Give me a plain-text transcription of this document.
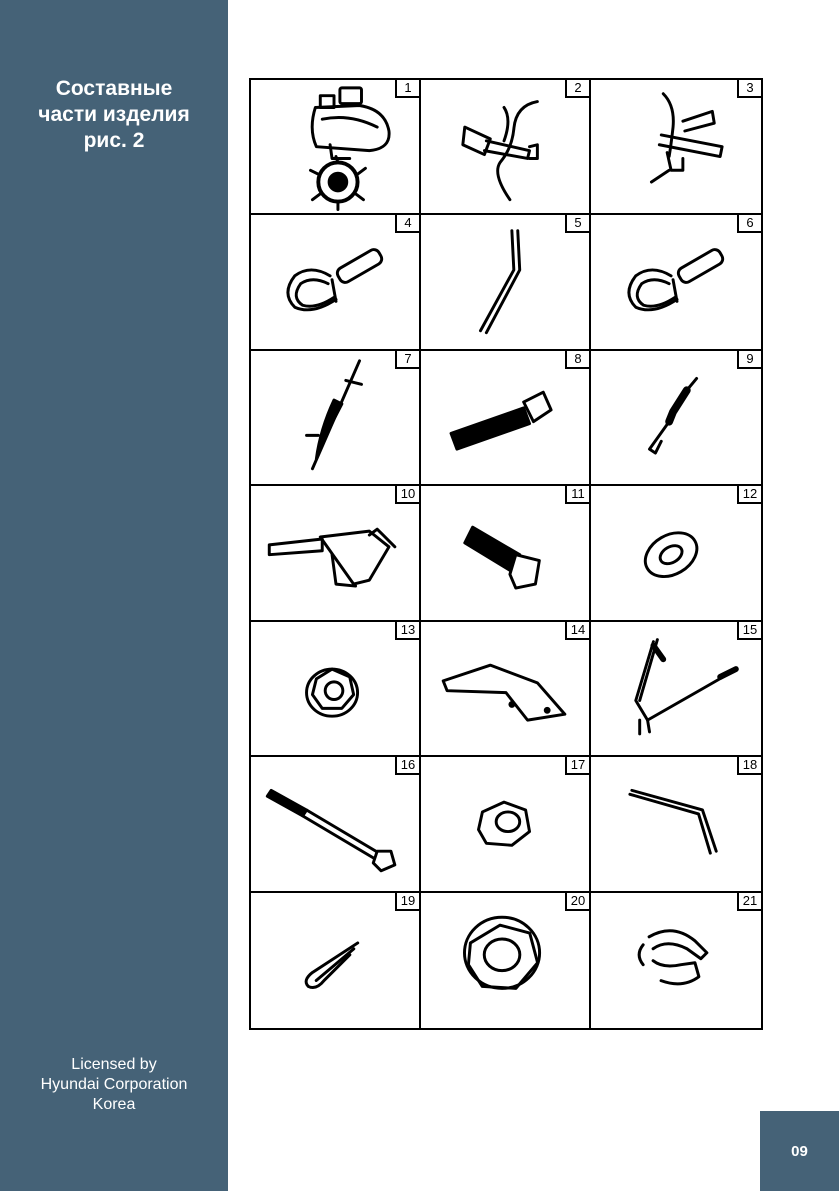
Составные
части изделия
рис. 2
Licensed by
Hyundai Corporation
Korea
09
1	2	3
4	5	6
7	8	9
10	11	12
13	14	15
16	17	18
19	20	21
